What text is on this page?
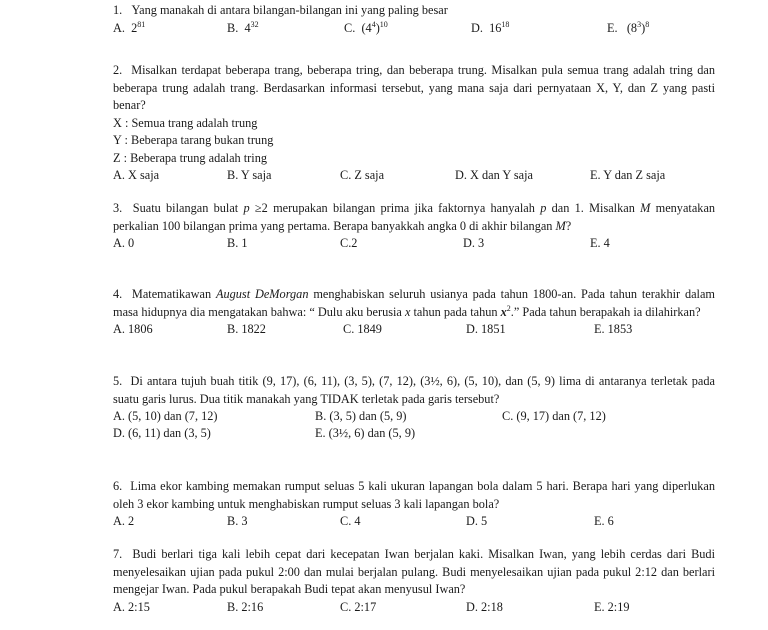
1. Yang manakah di antara bilangan-bilangan ini yang paling besar

A. $2^{81}$	B. $4^{32}$	C. $(4^4)^{10}$	D. $16^{18}$	E. $(8^3)^8$

2. Misalkan terdapat beberapa trang, beberapa tring, dan beberapa trung. Misalkan pula semua trang adalah tring dan beberapa trung adalah trang. Berdasarkan informasi tersebut, yang mana saja dari pernyataan X, Y, dan Z yang pasti benar?

X : Semua trang adalah trung

Y : Beberapa tarang bukan trung

Z : Beberapa trung adalah tring

A. X saja	B. Y saja	C. Z saja	D. X dan Y saja	E. Y dan Z saja

3. Suatu bilangan bulat p ≥2 merupakan bilangan prima jika faktornya hanyalah p dan 1. Misalkan M menyatakan perkalian 100 bilangan prima yang pertama. Berapa banyakkah angka 0 di akhir bilangan M?

A. 0	B. 1	C.2	D. 3	E. 4

4. Matematikawan August DeMorgan menghabiskan seluruh usianya pada tahun 1800-an. Pada tahun terakhir dalam masa hidupnya dia mengatakan bahwa: “ Dulu aku berusia x tahun pada tahun $x^2$.” Pada tahun berapakah ia dilahirkan?

A. 1806	B. 1822	C. 1849	D. 1851	E. 1853

5. Di antara tujuh buah titik (9, 17), (6, 11), (3, 5), (7, 12), (3½, 6), (5, 10), dan (5, 9) lima di antaranya terletak pada suatu garis lurus. Dua titik manakah yang TIDAK terletak pada garis tersebut?

A. (5, 10) dan (7, 12)	B. (3, 5) dan (5, 9)	C. (9, 17) dan (7, 12)
D. (6, 11) dan (3, 5)	E. (3½, 6) dan (5, 9)

6. Lima ekor kambing memakan rumput seluas 5 kali ukuran lapangan bola dalam 5 hari. Berapa hari yang diperlukan oleh 3 ekor kambing untuk menghabiskan rumput seluas 3 kali lapangan bola?

A. 2	B. 3	C. 4	D. 5	E. 6

7. Budi berlari tiga kali lebih cepat dari kecepatan Iwan berjalan kaki. Misalkan Iwan, yang lebih cerdas dari Budi menyelesaikan ujian pada pukul 2:00 dan mulai berjalan pulang. Budi menyelesaikan ujian pada pukul 2:12 dan berlari mengejar Iwan. Pada pukul berapakah Budi tepat akan menyusul Iwan?

A. 2:15	B. 2:16	C. 2:17	D. 2:18	E. 2:19
